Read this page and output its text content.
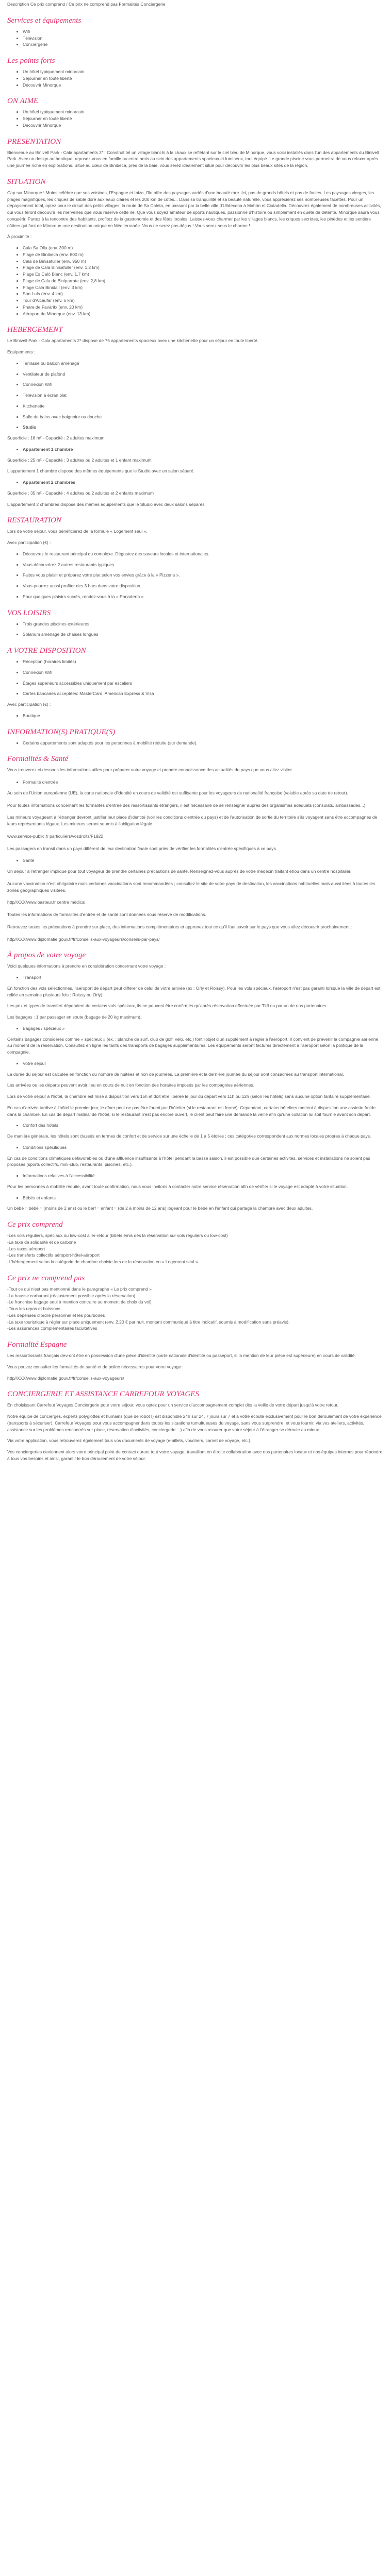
Description Ce prix comprend / Ce prix ne comprend pas Formalités Conciergerie

Services et équipements
• Wifi
• Télévision
• Conciergerie
Les points forts
• Un hôtel typiquement minorcain
• Séjourner en toute liberté
• Découvrir Minorque
ON AIME
• Un hôtel typiquement minorcain
• Séjourner en toute liberté
• Découvrir Minorque
PRESENTATION

Bienvenue au Binivell Park - Cala apartaments 2* ! Construit tel un village blanchi à la chaux se reflétant sur le ciel bleu de Minorque, vous voici installés dans l'un des appartements du Binivell Park. Avec un design authentique, reposez-vous en famille ou entre amis au sein des appartements spacieux et lumineux, tout équipé. Le grande piscine vous permettra de vous relaxer après une journée riche en explorations. Situé au cœur de Binibeca, près de la baie, vous serez idéalement situé pour découvrir les plus beaux sites de la région.

SITUATION

Cap sur Minorque ! Moins célèbre que ses voisines, l'Espagne et Ibiza, l'île offre des paysages variés d'une beauté rare. Ici, pas de grands hôtels et pas de foules. Les paysages vierges, les plages magnifiques, les criques de sable doré aux eaux claires et les 200 km de côtes... Dans sa tranquillité et sa beauté naturelle, vous apprécierez ses nombreuses facettes. Pour un dépaysement total, optez pour le circuit des petits villages, la route de Sa Caleta, en passant par la belle ville d'Ulldecona à Mahón et Ciutadella. Découvrez également de nombreuses activités, qui vous feront découvrir les merveilles que vous réserve cette île. Que vous soyez amateur de sports nautiques, passionné d'histoire ou simplement en quête de détente, Minorque saura vous conquérir. Partez à la rencontre des habitants, profitez de la gastronomie et des fêtes locales. Laissez-vous charmer par les villages blancs, les criques secrètes, les pinèdes et les sentiers côtiers qui font de Minorque une destination unique en Méditerranée. Vous ne serez pas déçus ! Vous serez sous le charme !

À proximité :

• Cala Sa Olla (env. 300 m)
• Plage de Binibeca (env. 800 m)
• Cala de Binisafúller (env. 950 m)
• Plage de Cala Binisafúller (env. 1,2 km)
• Plage Es Caló Blanc (env. 1,7 km)
• Plage de Cala de Biniparrate (env. 2,8 km)
• Plage Cala Binidalí (env. 3 km)
• Son Luís (env. 4 km)
• Tour d'Alcaufar (env. 6 km)
• Phare de Favàritx (env. 20 km)
• Aéroport de Minorque (env. 13 km)
HEBERGEMENT

Le Binivell Park - Cala apartaments 2* dispose de 75 appartements spacieux avec une kitchenette pour un séjour en toute liberté.

Équipements :

• Terrasse ou balcon aménagé
• Ventilateur de plafond
• Connexion Wifi
• Télévision à écran plat
• Kitchenette
• Salle de bains avec baignoire ou douche
• Studio

Superficie : 18 m² - Capacité : 2 adultes maximum

• Appartement 1 chambre

Superficie : 25 m² - Capacité : 3 adultes ou 2 adultes et 1 enfant maximum

L'appartement 1 chambre dispose des mêmes équipements que le Studio avec un salon séparé.

• Appartement 2 chambres

Superficie : 35 m² - Capacité : 4 adultes ou 2 adultes et 2 enfants maximum

L'appartement 2 chambres dispose des mêmes équipements que le Studio avec deux salons séparés.

RESTAURATION

Lors de votre séjour, vous bénéficierez de la formule « Logement seul ».

Avec participation (€) :

• Découvrez le restaurant principal du complexe. Dégustez des saveurs locales et internationales.
• Vous découvrirez 2 autres restaurants typiques.
• Faites vous plaisir et préparez votre plat selon vos envies grâce à la « Pizzeria ».
• Vous pourrez aussi profiter des 3 bars dans votre disposition.
• Pour quelques plaisirs sucrés, rendez-vous à la « Panadería ».
VOS LOISIRS
• Trois grandes piscines extérieures
• Solarium aménagé de chaises longues
A VOTRE DISPOSITION
• Réception (horaires limités)
• Connexion Wifi
• Étages supérieurs accessibles uniquement par escaliers
• Cartes bancaires acceptées: MasterCard, American Express & Visa

Avec participation (€) :

• Boutique
INFORMATION(S) PRATIQUE(S)
• Certains appartements sont adaptés pour les personnes à mobilité réduite (sur demande).
Formalités & Santé

Vous trouverez ci-dessous les informations utiles pour préparer votre voyage et prendre connaissance des actualités du pays que vous allez visiter.

• Formalité d'entrée

Au sein de l'Union européenne (UE), la carte nationale d'identité en cours de validité est suffisante pour les voyageurs de nationalité française (valable après sa date de retour).

Pour toutes informations concernant les formalités d'entrée des ressortissants étrangers, il est nécessaire de se renseigner auprès des organismes adéquats (consulats, ambassades...).

Les mineurs voyageant à l'étranger devront justifier leur place d'identité (voir les conditions d'entrée du pays) et de l'autorisation de sortie du territoire s'ils voyagent sans être accompagnés de leurs représentants légaux. Les mineurs seront soumis à l'obligation légale.

www.service-public.fr particuliers/vosdroits/F1922

Les passagers en transit dans un pays différent de leur destination finale sont priés de vérifier les formalités d'entrée spécifiques à ce pays.

• Santé

Un séjour à l'étranger implique pour tout voyageur de prendre certaines précautions de santé. Renseignez-vous auprès de votre médecin traitant et/ou dans un centre hospitalier.

Aucune vaccination n'est obligatoire mais certaines vaccinations sont recommandées ; consultez le site de votre pays de destination, les vaccinations habituelles mais aussi liées à toutes les zones géographiques visitées.

http//XXX/www.pasteur.fr centre médical

Toutes les informations de formalités d'entrée et de santé sont données sous réserve de modifications.

Retrouvez toutes les précautions à prendre sur place, des informations complémentaires et apprenez tout ce qu'il faut savoir sur le pays que vous allez découvrir prochainement :

http//XXX/www.diplomatie.gouv.fr/fr/conseils-aux-voyageurs/conseils-par-pays/

À propos de votre voyage

Voici quelques informations à prendre en considération concernant votre voyage :

• Transport

En fonction des vols sélectionnés, l'aéroport de départ peut différer de celui de votre arrivée (ex : Orly et Roissy). Pour les vols spéciaux, l'aéroport n'est pas garanti lorsque la ville de départ est reliée en semaine plusieurs fois : Roissy ou Orly).

Les prix et types de transfert dépendent de certains vols spéciaux, ils ne peuvent être confirmés qu'après réservation effectuée par TUI ou par un de nos partenaires.

Les bagages : 1 par passager en soute (bagage de 20 kg maximum).

• Bagages / spécieux »

Certains bagages considérés comme « spécieux » (ex. : planche de surf, club de golf, vélo, etc.) font l'objet d'un supplément à régler à l'aéroport. Il convient de prévenir la compagnie aérienne au moment de la réservation. Consultez en ligne les tarifs des transports de bagages supplémentaires. Les équipements seront facturés directement à l'aéroport selon la politique de la compagnie.

• Votre séjour

La durée du séjour est calculée en fonction du nombre de nuitées et non de journées. La première et la dernière journée du séjour sont consacrées au transport international.

Les arrivées ou les départs peuvent avoir lieu en cours de nuit en fonction des horaires imposés par les compagnies aériennes.

Lors de votre séjour à l'hôtel, la chambre est mise à disposition vers 15h et doit être libérée le jour du départ vers 11h ou 12h (selon les hôtels) sans aucune option tarifaire supplémentaire.

En cas d'arrivée tardive à l'hôtel le premier jour, le dîner peut ne pas être fourni par l'hôtelier (si le restaurant est fermé). Cependant, certains hôteliers mettent à disposition une assiette froide dans la chambre. En cas de départ matinal de l'hôtel, si le restaurant n'est pas encore ouvert, le client peut faire une demande la veille afin qu'une collation lui soit fournie avant son départ.

• Confort des hôtels

De manière générale, les hôtels sont classés en termes de confort et de service sur une échelle de 1 à 5 étoiles ; ces catégories correspondent aux normes locales propres à chaque pays.

• Conditions spécifiques

En cas de conditions climatiques défavorables ou d'une affluence insuffisante à l'hôtel pendant la basse saison, il est possible que certaines activités, services et installations ne soient pas proposés (sports collectifs, mini-club, restaurants, piscines, etc.).

• Informations relatives à l'accessibilité

Pour les personnes à mobilité réduite, avant toute confirmation, nous vous invitons à contacter notre service réservation afin de vérifier si le voyage est adapté à votre situation.

• Bébés et enfants

Un bébé = bébé = (moins de 2 ans) ou le berf = enfant = (de 2 à moins de 12 ans) logeant pour le bébé en l'enfant qui partage la chambre avec deux adultes.

Ce prix comprend
-Les vols réguliers, spéciaux ou low-cost aller-retour (billets émis dès la réservation sur vols réguliers ou low-cost)
-La taxe de solidarité et de carbone
-Les taxes aéroport
-Les transferts collectifs aéroport-hôtel-aéroport
-L'hébergement selon la catégorie de chambre choisie lors de la réservation en « Logement seul »
Ce prix ne comprend pas
-Tout ce qui n'est pas mentionné dans le paragraphe « Le prix comprend »
-La hausse carburant (réajustement possible après la réservation)
-Le franchise bagage seul à mention contraire au moment de choix du vol)
-Tous les repas et boissons
-Les dépenses d'ordre personnel et les pourboires
-La taxe touristique à régler sur place uniquement (env. 2,20 € par nuit, montant communiqué à titre indicatif, soumis à modification sans préavis).
-Les assurances complémentaires facultatives
Formalité Espagne

Les ressortissants français devront être en possession d'une pièce d'identité (carte nationale d'identité ou passeport, si la mention de leur pièce est supérieure) en cours de validité.

Vous pouvez consulter les formalités de santé et de police nécessaires pour votre voyage :

http//XXX/www.diplomatie.gouv.fr/fr/conseils-aux-voyageurs/

CONCIERGERIE ET ASSISTANCE CARREFOUR VOYAGES

En choisissant Carrefour Voyages Conciergerie pour votre séjour, vous optez pour un service d'accompagnement complet dès la veille de votre départ jusqu'à votre retour.

Notre équipe de concierges, experts polyglottes et humains (que de robot !) est disponible 24h sur 24, 7 jours sur 7 et à votre écoute exclusivement pour le bon déroulement de votre expérience (transports à sécuriser). Carrefour Voyages pour vous accompagner dans toutes les situations tumultueuses du voyage, sans vous surprendre, et vous fournir, via vos ateliers, activités, assistance sur les problèmes rencontrés sur place, réservation d'activités, conciergerie... ) afin de vous assurer que votre séjour à l'étranger se déroule au mieux...

Via votre application, vous retrouverez également tous vos documents de voyage (e-billets, vouchers, carnet de voyage, etc.).

Vos conciergeries deviennent alors votre principal point de contact durant tout votre voyage, travaillant en étroite collaboration avec nos partenaires locaux et nos équipes internes pour répondre à tous vos besoins et ainsi, garantir le bon déroulement de votre séjour.
